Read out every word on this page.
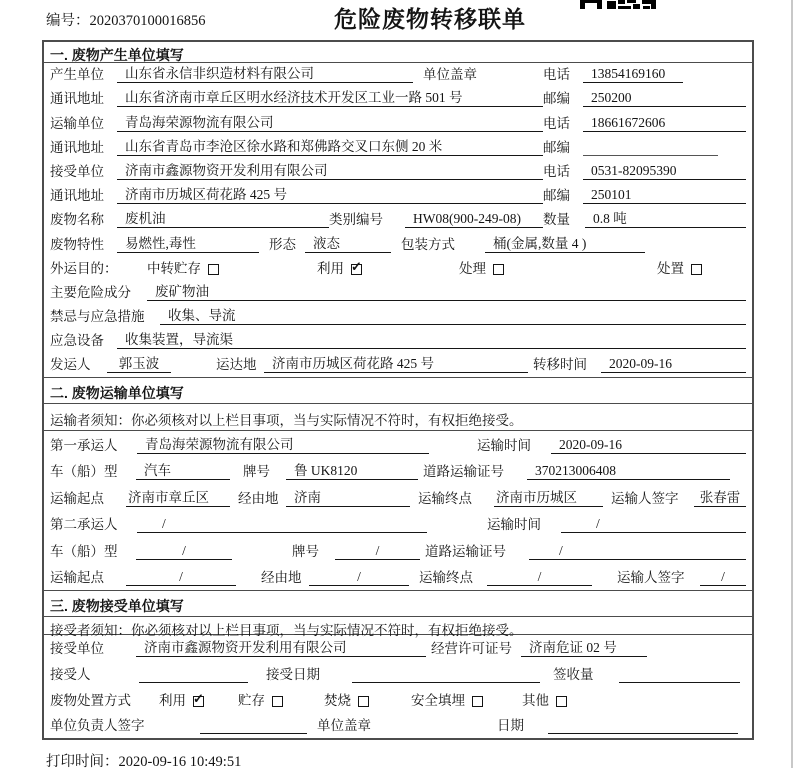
编号：2020370100016856	危险废物转移联单
一. 废物产生单位填写
产生单位	山东省永信非织造材料有限公司	单位盖章	电话	13854169160
通讯地址	山东省济南市章丘区明水经济技术开发区工业一路 501 号	邮编	250200
运输单位	青岛海荣源物流有限公司	电话	18661672606
通讯地址	山东省青岛市李沧区徐水路和郑佛路交叉口东侧 20 米	邮编
接受单位	济南市鑫源物资开发利用有限公司	电话	0531-82095390
通讯地址	济南市历城区荷花路 425 号	邮编	250101
废物名称	废机油	类别编号	HW08(900-249-08)	数量	0.8 吨
废物特性	易燃性,毒性	形态	液态	包装方式	桶(金属,数量 4 )
外运目的：	中转贮存	利用 ✓	处理	处置
主要危险成分	废矿物油
禁忌与应急措施	收集、导流
应急设备	收集装置，导流渠
发运人	郭玉波	运达地	济南市历城区荷花路 425 号	转移时间	2020-09-16
二. 废物运输单位填写
运输者须知：你必须核对以上栏目事项，当与实际情况不符时，有权拒绝接受。
第一承运人	青岛海荣源物流有限公司	运输时间	2020-09-16
车（船）型	汽车	牌号	鲁 UK8120	道路运输证号	370213006408
运输起点	济南市章丘区	经由地	济南	运输终点	济南市历城区	运输人签字	张春雷
第二承运人	/	运输时间	/
车（船）型	/	牌号	/	道路运输证号	/
运输起点	/	经由地	/	运输终点	/	运输人签字	/
三. 废物接受单位填写
接受者须知：你必须核对以上栏目事项，当与实际情况不符时，有权拒绝接受。
接受单位	济南市鑫源物资开发利用有限公司	经营许可证号	济南危证 02 号
接受人	接受日期	签收量
废物处置方式 利用 ✓	贮存	焚烧	安全填埋	其他
单位负责人签字	单位盖章	日期
打印时间：2020-09-16 10:49:51
